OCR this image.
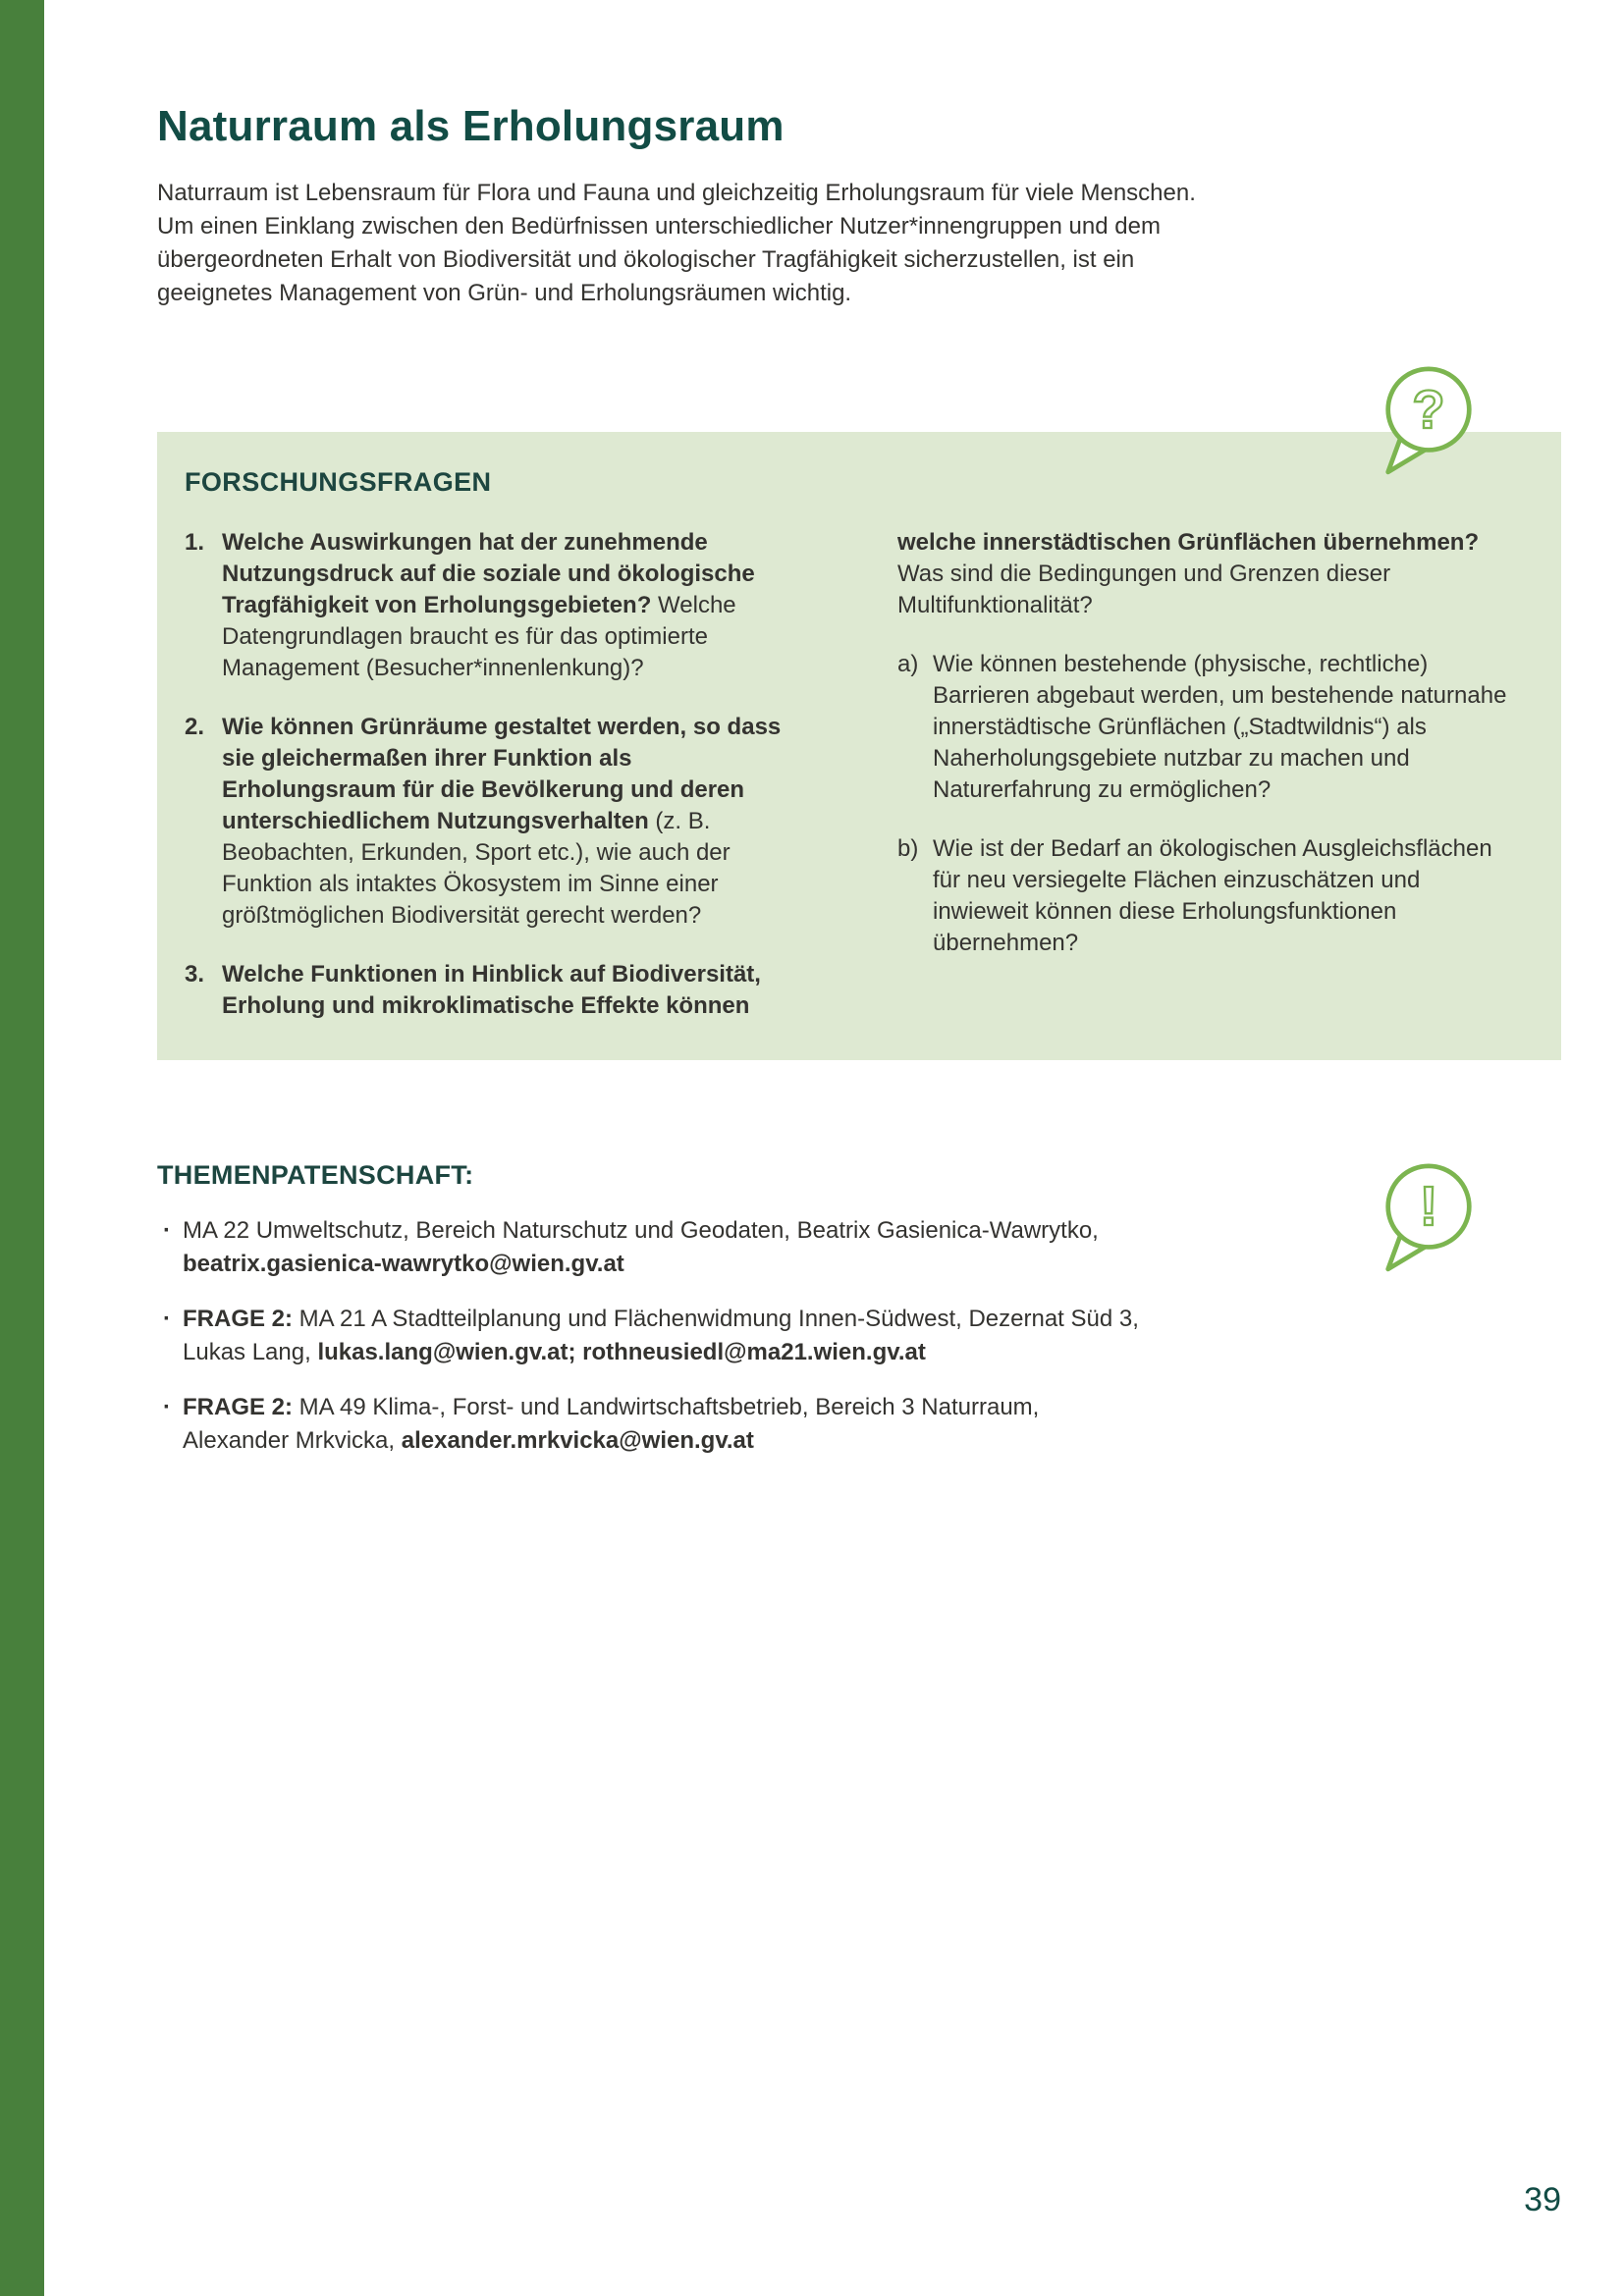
Naturraum als Erholungsraum

Naturraum ist Lebensraum für Flora und Fauna und gleichzeitig Erholungsraum für viele Menschen. Um einen Einklang zwischen den Bedürfnissen unterschiedlicher Nutzer*innengruppen und dem übergeordneten Erhalt von Biodiversität und ökologischer Tragfähigkeit sicherzustellen, ist ein geeignetes Management von Grün- und Erholungsräumen wichtig.

FORSCHUNGSFRAGEN
1. Welche Auswirkungen hat der zunehmende Nutzungsdruck auf die soziale und ökologische Tragfähigkeit von Erholungsgebieten? Welche Datengrundlagen braucht es für das optimierte Management (Besucher*innenlenkung)?
2. Wie können Grünräume gestaltet werden, so dass sie gleichermaßen ihrer Funktion als Erholungsraum für die Bevölkerung und deren unterschiedlichem Nutzungsverhalten (z. B. Beobachten, Erkunden, Sport etc.), wie auch der Funktion als intaktes Ökosystem im Sinne einer größtmöglichen Biodiversität gerecht werden?
3. Welche Funktionen in Hinblick auf Biodiversität, Erholung und mikroklimatische Effekte können

welche innerstädtischen Grünflächen übernehmen? Was sind die Bedingungen und Grenzen dieser Multifunktionalität?

a) Wie können bestehende (physische, rechtliche) Barrieren abgebaut werden, um bestehende naturnahe innerstädtische Grünflächen („Stadtwildnis“) als Naherholungsgebiete nutzbar zu machen und Naturerfahrung zu ermöglichen?
b) Wie ist der Bedarf an ökologischen Ausgleichsflächen für neu versiegelte Flächen einzuschätzen und inwieweit können diese Erholungsfunktionen übernehmen?
?
THEMENPATENSCHAFT:
· MA 22 Umweltschutz, Bereich Naturschutz und Geodaten, Beatrix Gasienica-Wawrytko, beatrix.gasienica-wawrytko@wien.gv.at
· FRAGE 2: MA 21 A Stadtteilplanung und Flächenwidmung Innen-Südwest, Dezernat Süd 3, Lukas Lang, lukas.lang@wien.gv.at; rothneusiedl@ma21.wien.gv.at
· FRAGE 2: MA 49 Klima-, Forst- und Landwirtschaftsbetrieb, Bereich 3 Naturraum, Alexander Mrkvicka, alexander.mrkvicka@wien.gv.at
!
39
